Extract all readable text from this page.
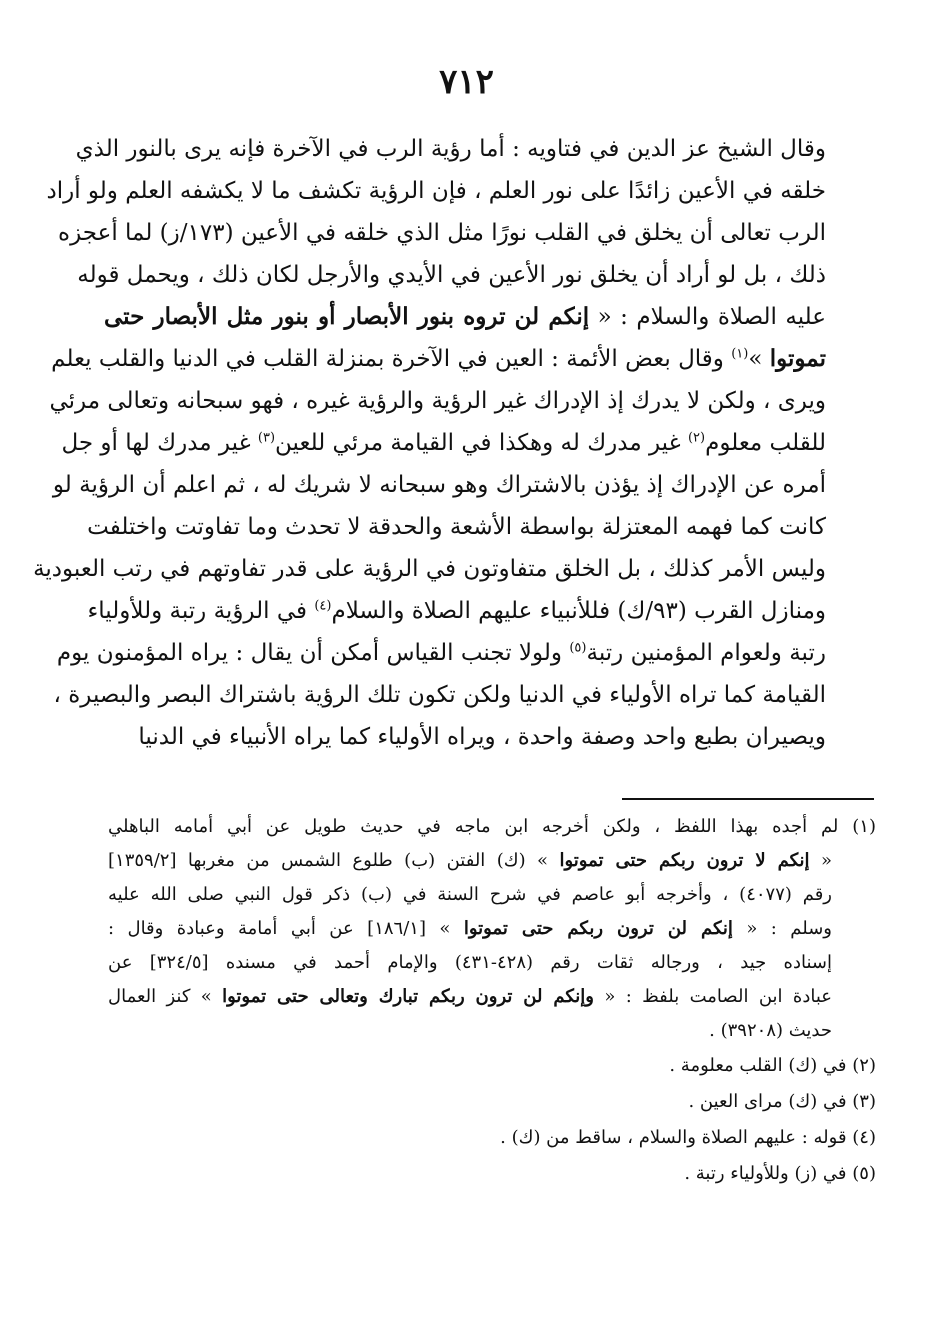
٧١٢
وقال الشيخ عز الدين في فتاويه : أما رؤية الرب في الآخرة فإنه يرى بالنور الذي
خلقه في الأعين زائدًا على نور العلم ، فإن الرؤية تكشف ما لا يكشفه العلم ولو أراد
الرب تعالى أن يخلق في القلب نورًا مثل الذي خلقه في الأعين (١٧٣/ز) لما أعجزه
ذلك ، بل لو أراد أن يخلق نور الأعين في الأيدي والأرجل لكان ذلك ، ويحمل قوله
عليه الصلاة والسلام : « إنكم لن تروه بنور الأبصار أو بنور مثل الأبصار حتى
تموتوا »$^{(١)}$ وقال بعض الأئمة : العين في الآخرة بمنزلة القلب في الدنيا والقلب يعلم
ويرى ، ولكن لا يدرك إذ الإدراك غير الرؤية والرؤية غيره ، فهو سبحانه وتعالى مرئي
للقلب معلوم$^{(٢)}$ غير مدرك له وهكذا في القيامة مرئي للعين$^{(٣)}$ غير مدرك لها أو جل
أمره عن الإدراك إذ يؤذن بالاشتراك وهو سبحانه لا شريك له ، ثم اعلم أن الرؤية لو
كانت كما فهمه المعتزلة بواسطة الأشعة والحدقة لا تحدث وما تفاوتت واختلفت
وليس الأمر كذلك ، بل الخلق متفاوتون في الرؤية على قدر تفاوتهم في رتب العبودية
ومنازل القرب (٩٣/ك) فللأنبياء عليهم الصلاة والسلام$^{(٤)}$ في الرؤية رتبة وللأولياء
رتبة ولعوام المؤمنين رتبة$^{(٥)}$ ولولا تجنب القياس أمكن أن يقال : يراه المؤمنون يوم
القيامة كما تراه الأولياء في الدنيا ولكن تكون تلك الرؤية باشتراك البصر والبصيرة ،
ويصيران بطبع واحد وصفة واحدة ، ويراه الأولياء كما يراه الأنبياء في الدنيا
(١) لم أجده بهذا اللفظ ، ولكن أخرجه ابن ماجه في حديث طويل عن أبي أمامه الباهلي
« إنكم لا ترون ربكم حتى تموتوا » (ك) الفتن (ب) طلوع الشمس من مغربها [١٣٥٩/٢]
رقم (٤٠٧٧) ، وأخرجه أبو عاصم في شرح السنة في (ب) ذكر قول النبي صلى الله عليه
وسلم : « إنكم لن ترون ربكم حتى تموتوا » [١٨٦/١] عن أبي أمامة وعبادة وقال :
إسناده جيد ، ورجاله ثقات رقم (٤٢٨-٤٣١) والإمام أحمد في مسنده [٣٢٤/٥] عن
عبادة ابن الصامت بلفظ : « وإنكم لن ترون ربكم تبارك وتعالى حتى تموتوا » كنز العمال
حديث (٣٩٢٠٨) .
(٢) في (ك) القلب معلومة .
(٣) في (ك) مراى العين .
(٤) قوله : عليهم الصلاة والسلام ، ساقط من (ك) .
(٥) في (ز) وللأولياء رتبة .
